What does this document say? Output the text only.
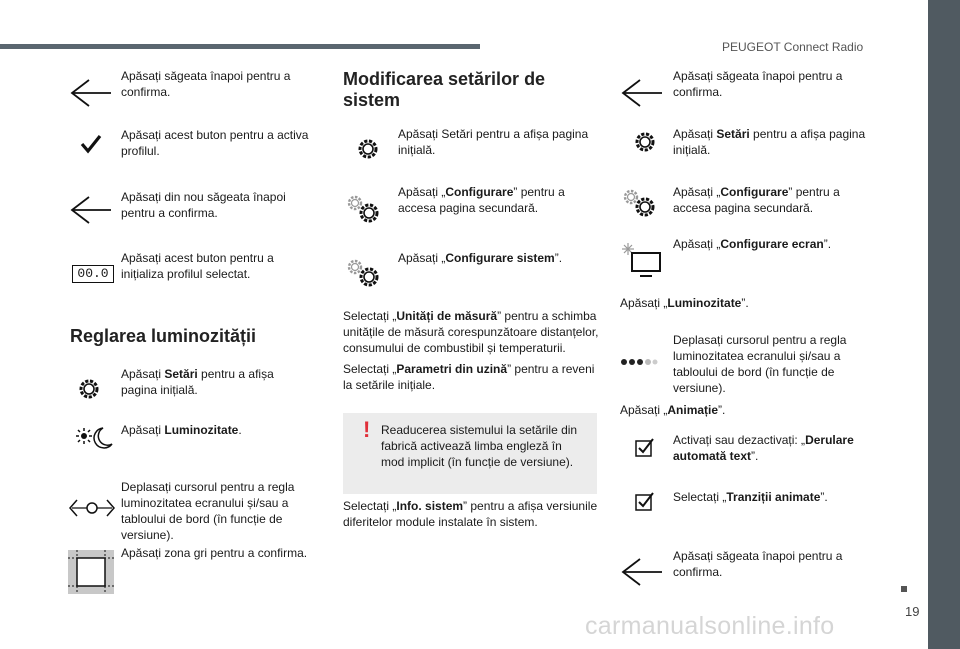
PEUGEOT Connect Radio
19
carmanualsonline.info
Apăsați săgeata înapoi pentru a confirma.
Apăsați acest buton pentru a activa profilul.
Apăsați din nou săgeata înapoi pentru a confirma.
00.0
Apăsați acest buton pentru a inițializa profilul selectat.
Reglarea luminozității
Apăsați Setări pentru a afișa pagina inițială.
Apăsați Luminozitate.
Deplasați cursorul pentru a regla luminozitatea ecranului și/sau a tabloului de bord (în funcție de versiune).
Apăsați zona gri pentru a confirma.
Modificarea setărilor de sistem
Apăsați Setări pentru a afișa pagina inițială.
Apăsați „Configurare” pentru a accesa pagina secundară.
Apăsați „Configurare sistem”.
Selectați „Unități de măsură” pentru a schimba unitățile de măsură corespunzătoare distanțelor, consumului de combustibil și temperaturii.
Selectați „Parametri din uzină” pentru a reveni la setările inițiale.
! Readucerea sistemului la setările din fabrică activează limba engleză în mod implicit (în funcție de versiune).
Selectați „Info. sistem” pentru a afișa versiunile diferitelor module instalate în sistem.
Apăsați săgeata înapoi pentru a confirma.
Apăsați Setări pentru a afișa pagina inițială.
Apăsați „Configurare” pentru a accesa pagina secundară.
Apăsați „Configurare ecran”.
Apăsați „Luminozitate”.
Deplasați cursorul pentru a regla luminozitatea ecranului și/sau a tabloului de bord (în funcție de versiune).
Apăsați „Animație”.
Activați sau dezactivați: „Derulare automată text”.
Selectați „Tranziții animate”.
Apăsați săgeata înapoi pentru a confirma.
